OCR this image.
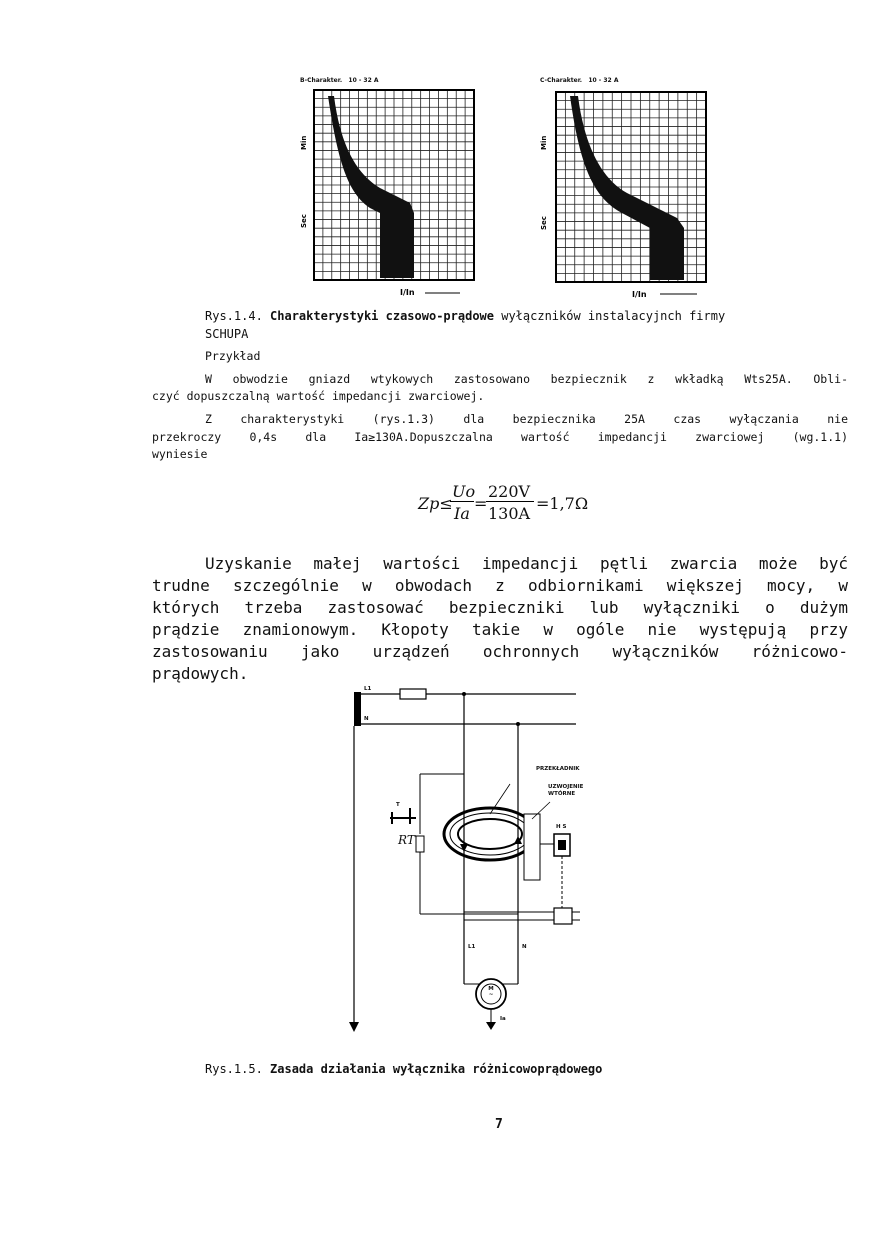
B-Charakter. 10 - 32 A	C-Charakter. 10 - 32 A
I/In
Min
Sec
I/In
Min
Sec
Rys.1.4. Charakterystyki czasowo-prądowe wyłączników instalacyjnch firmy
SCHUPA
Przykład
W obwodzie gniazd wtykowych zastosowano bezpiecznik z wkładką Wts25A. Obli-
czyć dopuszczalną wartość impedancji zwarciowej.
Z charakterystyki (rys.1.3) dla bezpiecznika 25A czas wyłączania nie
przekroczy 0,4s dla Ia≥130A.Dopuszczalna wartość impedancji zwarciowej (wg.1.1)
wyniesie
Zp≤
Uo
Ia
=
220V
130A
=1,7Ω
Uzyskanie małej wartości impedancji pętli zwarcia może być
trudne szczególnie w obwodach z odbiornikami większej mocy, w
których trzeba zastosować bezpieczniki lub wyłączniki o dużym
prądzie znamionowym. Kłopoty takie w ogóle nie występują przy
zastosowaniu jako urządzeń ochronnych wyłączników różnicowo-
prądowych.
L1
N
PRZEKŁADNIK
UZWOJENIE WTÓRNE
T
RT
H S
L1	N
M ~
Ia
Rys.1.5. Zasada działania wyłącznika różnicowoprądowego
7
